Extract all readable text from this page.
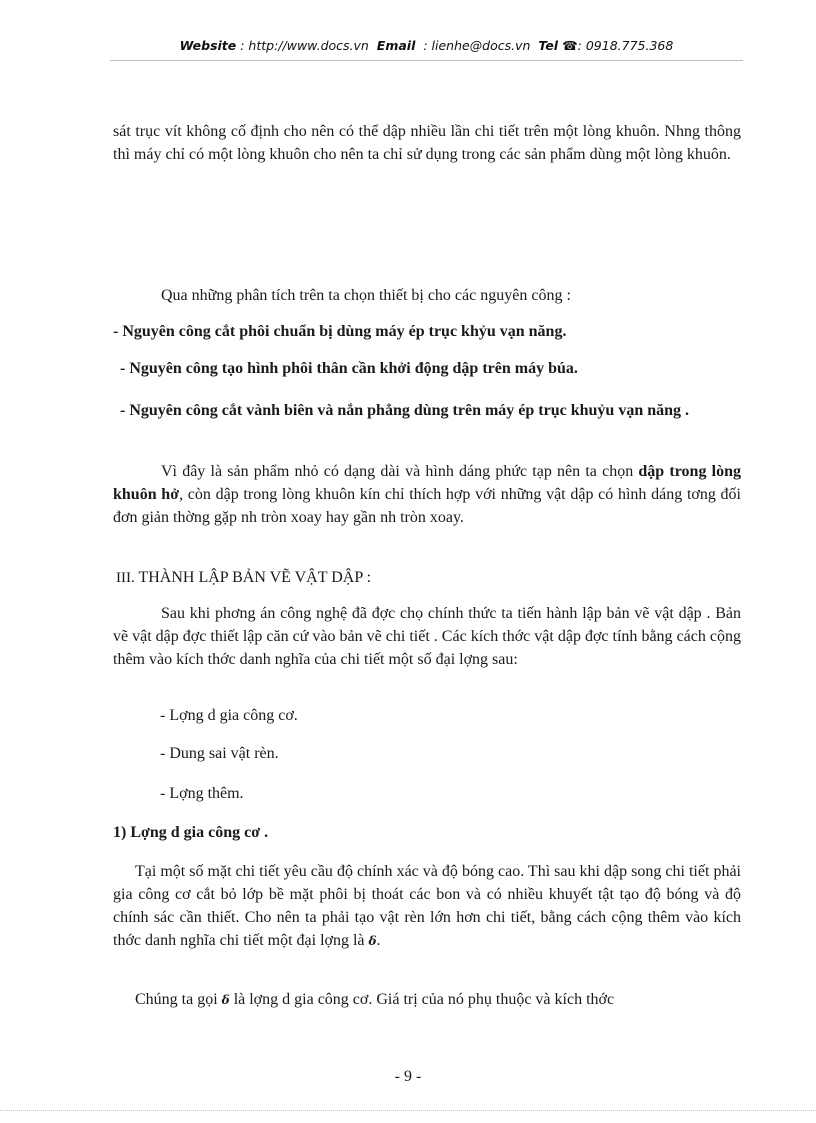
Website : http://www.docs.vn Email : lienhe@docs.vn Tel ☎: 0918.775.368

sát trục vít không cố định cho nên có thể dập nhiều lần chi tiết trên một lòng khuôn. Nhng thông thì máy chỉ có một lòng khuôn cho nên ta chỉ sử dụng trong các sản phẩm dùng một lòng khuôn.

Qua những phân tích trên ta chọn thiết bị cho các nguyên công :

- Nguyên công cắt phôi chuẩn bị dùng máy ép trục khỷu vạn năng.

- Nguyên công tạo hình phôi thân cần khởi động dập trên máy búa.

- Nguyên công cắt vành biên và nắn phẳng dùng trên máy ép trục khuỷu vạn năng .

Vì đây là sản phẩm nhỏ có dạng dài và hình dáng phức tạp nên ta chọn dập trong lòng khuôn hở, còn dập trong lòng khuôn kín chỉ thích hợp với những vật dập có hình dáng tơng đối đơn giản thờng gặp nh tròn xoay hay gần nh tròn xoay.

III. THÀNH LẬP BẢN VẼ VẬT DẬP :

Sau khi phơng án công nghệ đã đợc chọ chính thức ta tiến hành lập bản vẽ vật dập . Bản vẽ vật dập đợc thiết lập căn cứ vào bản vẽ chi tiết . Các kích thớc vật dập đợc tính bằng cách cộng thêm vào kích thớc danh nghĩa của chi tiết một số đại lợng sau:

- Lợng d gia công cơ.

- Dung sai vật rèn.

- Lợng thêm.

1) Lợng d gia công cơ .

Tại một số mặt chi tiết yêu cầu độ chính xác và độ bóng cao. Thì sau khi dập song chi tiết phải gia công cơ cắt bỏ lớp bề mặt phôi bị thoát các bon và có nhiều khuyết tật tạo độ bóng và độ chính sác cần thiết. Cho nên ta phải tạo vật rèn lớn hơn chi tiết, bằng cách cộng thêm vào kích thớc danh nghĩa chi tiết một đại lợng là δ.

Chúng ta gọi δ là lợng d gia công cơ. Giá trị của nó phụ thuộc và kích thớc

- 9 -
